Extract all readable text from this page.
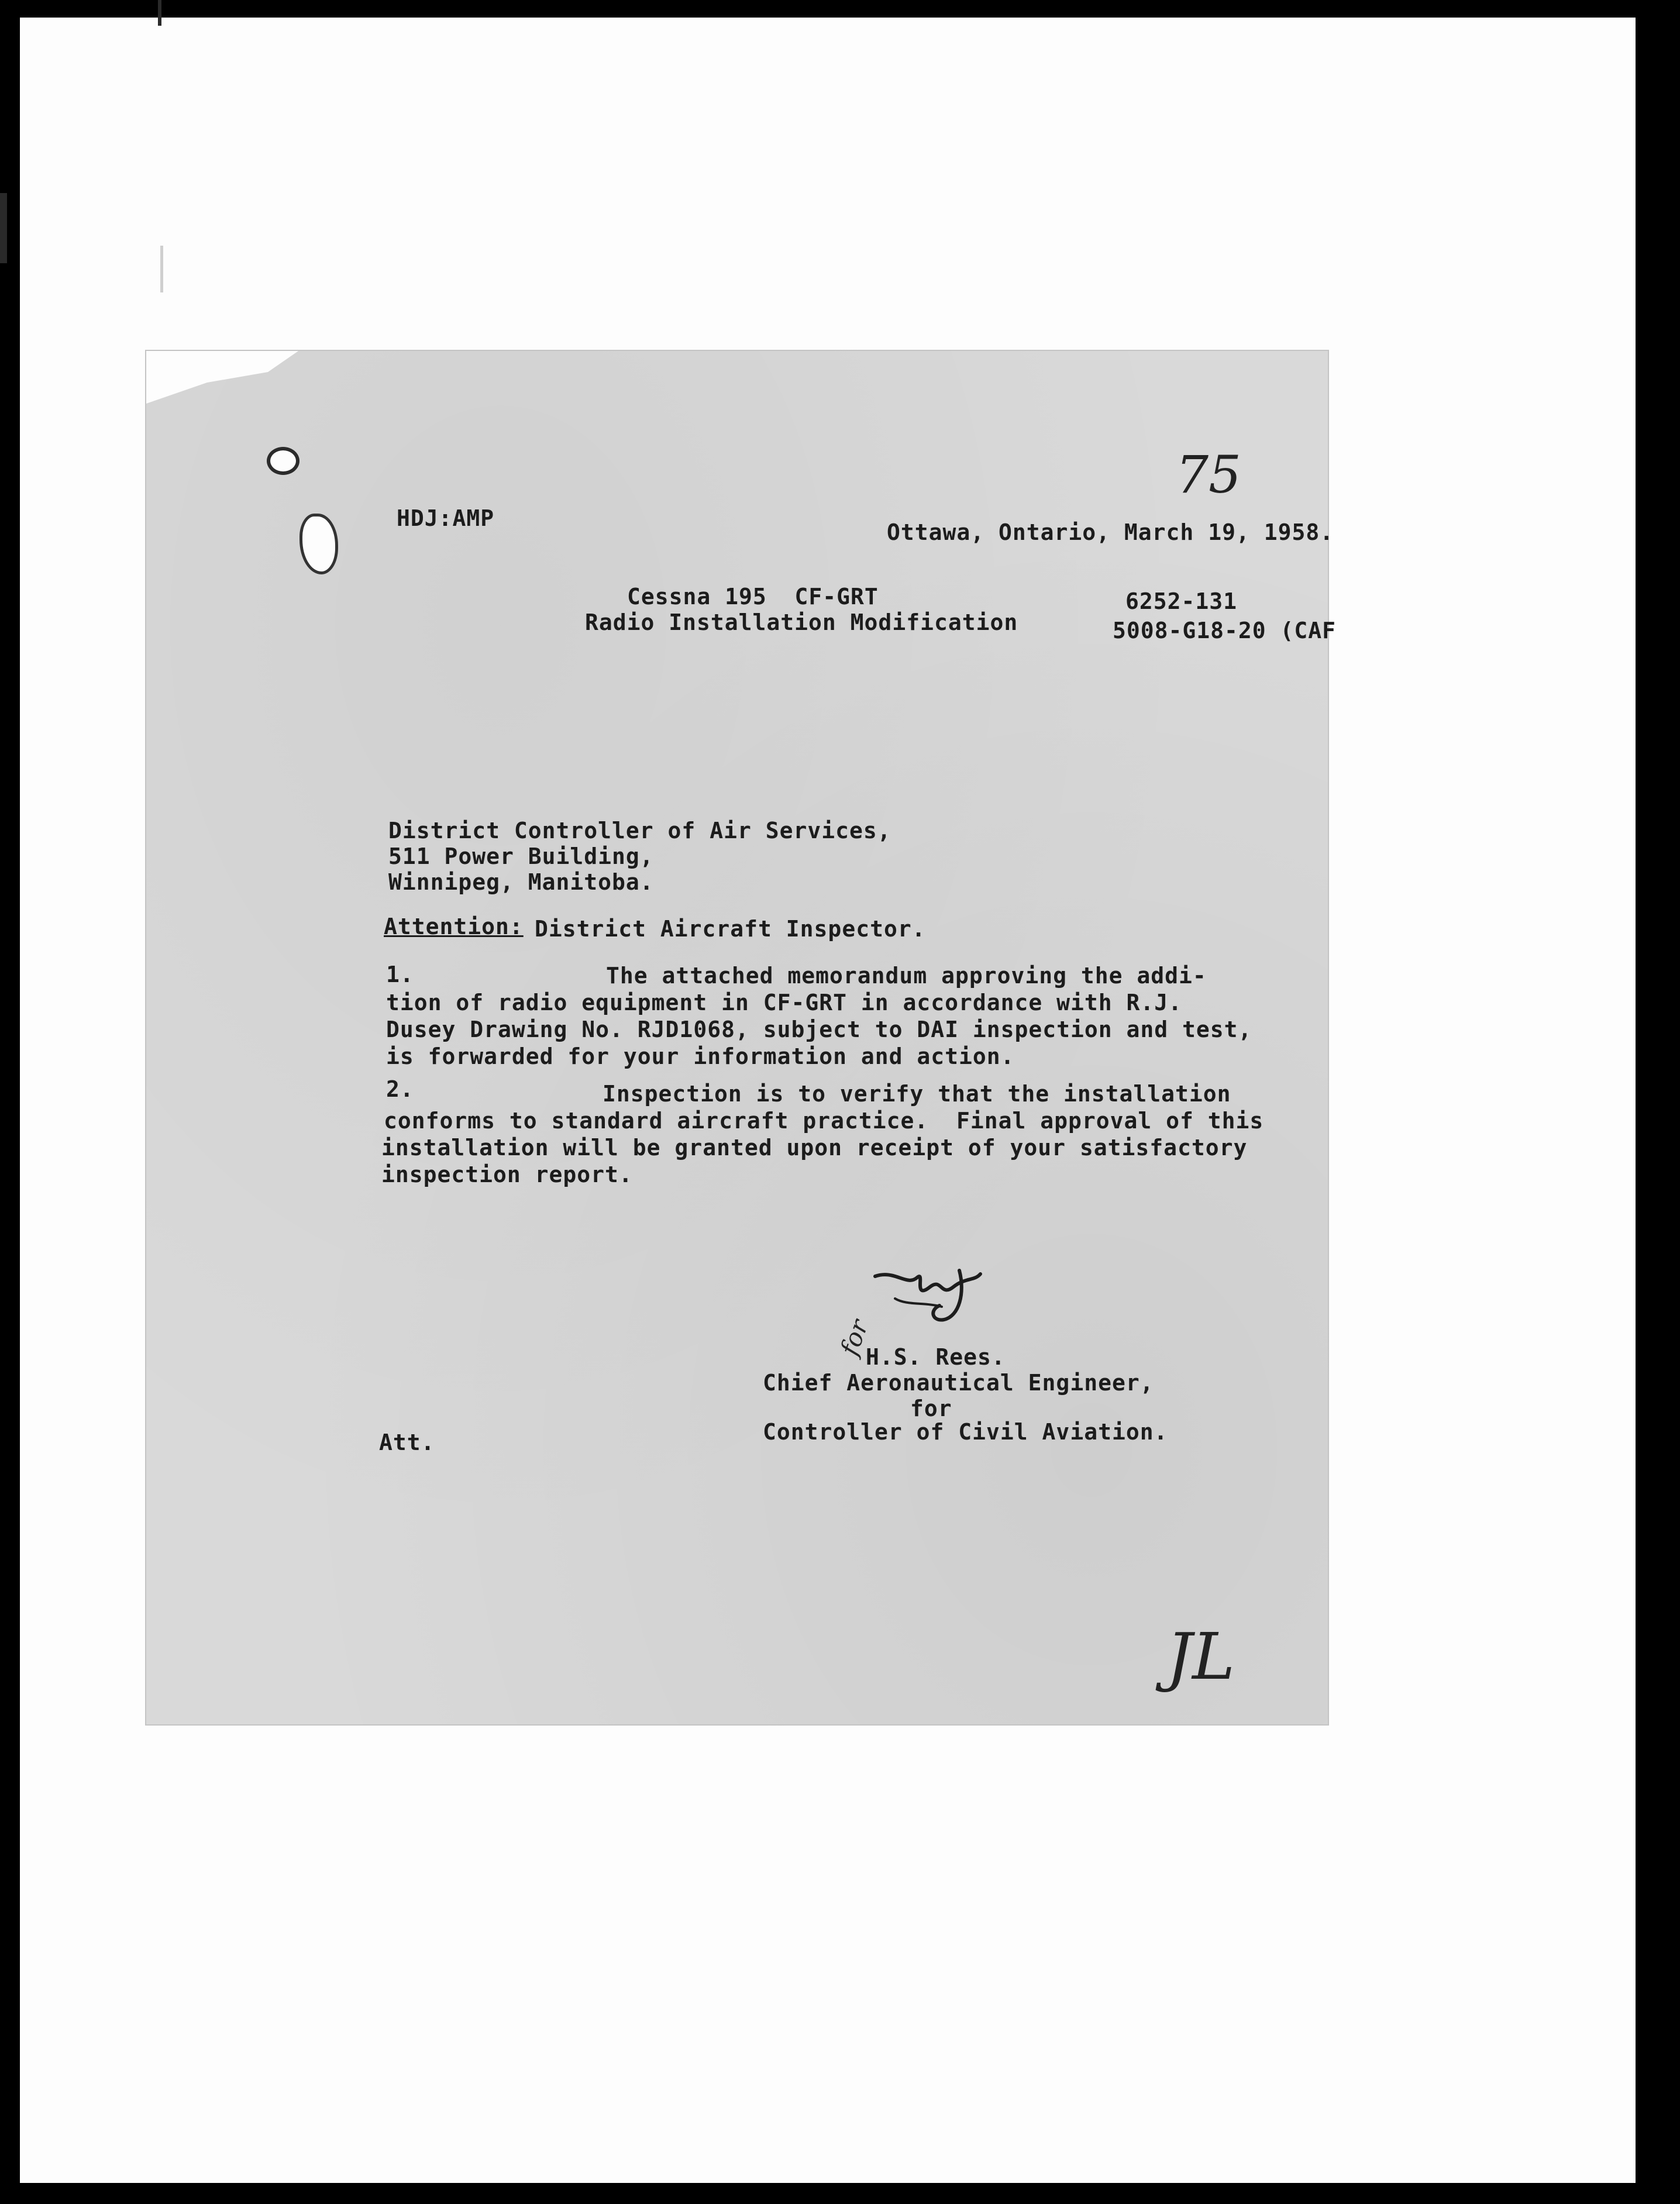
75
HDJ:AMP
Ottawa, Ontario, March 19, 1958.
Cessna 195  CF-GRT
Radio Installation Modification
6252-131
5008-G18-20 (CAF
District Controller of Air Services,
511 Power Building,
Winnipeg, Manitoba.
Attention: District Aircraft Inspector.
1.	The attached memorandum approving the addi-
tion of radio equipment in CF-GRT in accordance with R.J.
Dusey Drawing No. RJD1068, subject to DAI inspection and test,
is forwarded for your information and action.
2.	Inspection is to verify that the installation
conforms to standard aircraft practice.  Final approval of this
installation will be granted upon receipt of your satisfactory
inspection report.
for
H.S. Rees.
Chief Aeronautical Engineer,
for
Controller of Civil Aviation.
Att.
JL
